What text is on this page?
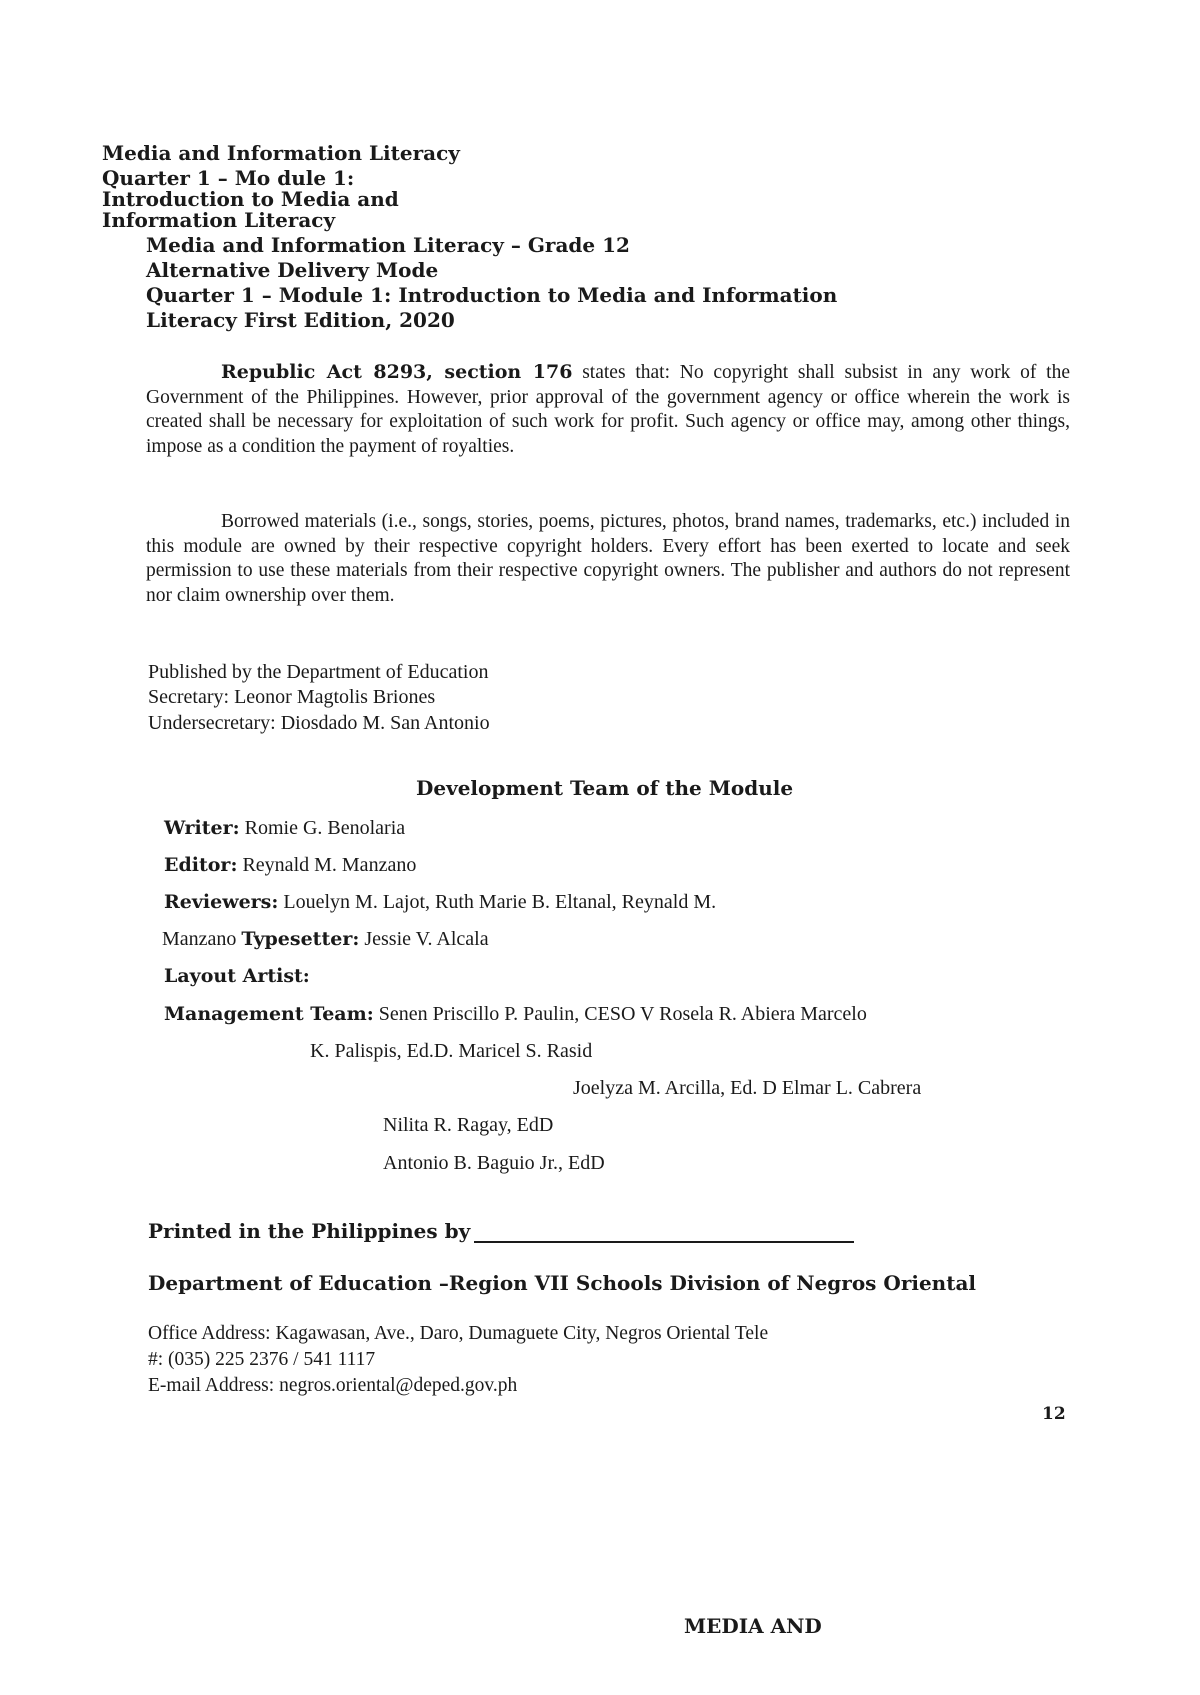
Media and Information Literacy
Quarter 1 – Mo dule 1:
Introduction to Media and
Information Literacy
Media and Information Literacy – Grade 12
Alternative Delivery Mode
Quarter 1 – Module 1: Introduction to Media and Information
Literacy First Edition, 2020
Republic Act 8293, section 176 states that: No copyright shall subsist in any work of the Government of the Philippines. However, prior approval of the government agency or office wherein the work is created shall be necessary for exploitation of such work for profit. Such agency or office may, among other things, impose as a condition the payment of royalties.
Borrowed materials (i.e., songs, stories, poems, pictures, photos, brand names, trademarks, etc.) included in this module are owned by their respective copyright holders. Every effort has been exerted to locate and seek permission to use these materials from their respective copyright owners. The publisher and authors do not represent nor claim ownership over them.
Published by the Department of Education
Secretary: Leonor Magtolis Briones
Undersecretary: Diosdado M. San Antonio
Development Team of the Module
Writer: Romie G. Benolaria
Editor: Reynald M. Manzano
Reviewers: Louelyn M. Lajot, Ruth Marie B. Eltanal, Reynald M.
Manzano Typesetter: Jessie V. Alcala
Layout Artist:
Management Team: Senen Priscillo P. Paulin, CESO V Rosela R. Abiera Marcelo
K. Palispis, Ed.D. Maricel S. Rasid
Joelyza M. Arcilla, Ed. D Elmar L. Cabrera
Nilita R. Ragay, EdD
Antonio B. Baguio Jr., EdD
Printed in the Philippines by
Department of Education –Region VII Schools Division of Negros Oriental
Office Address: Kagawasan, Ave., Daro, Dumaguete City, Negros Oriental Tele
#: (035) 225 2376 / 541 1117
E-mail Address: negros.oriental@deped.gov.ph
12
MEDIA AND
